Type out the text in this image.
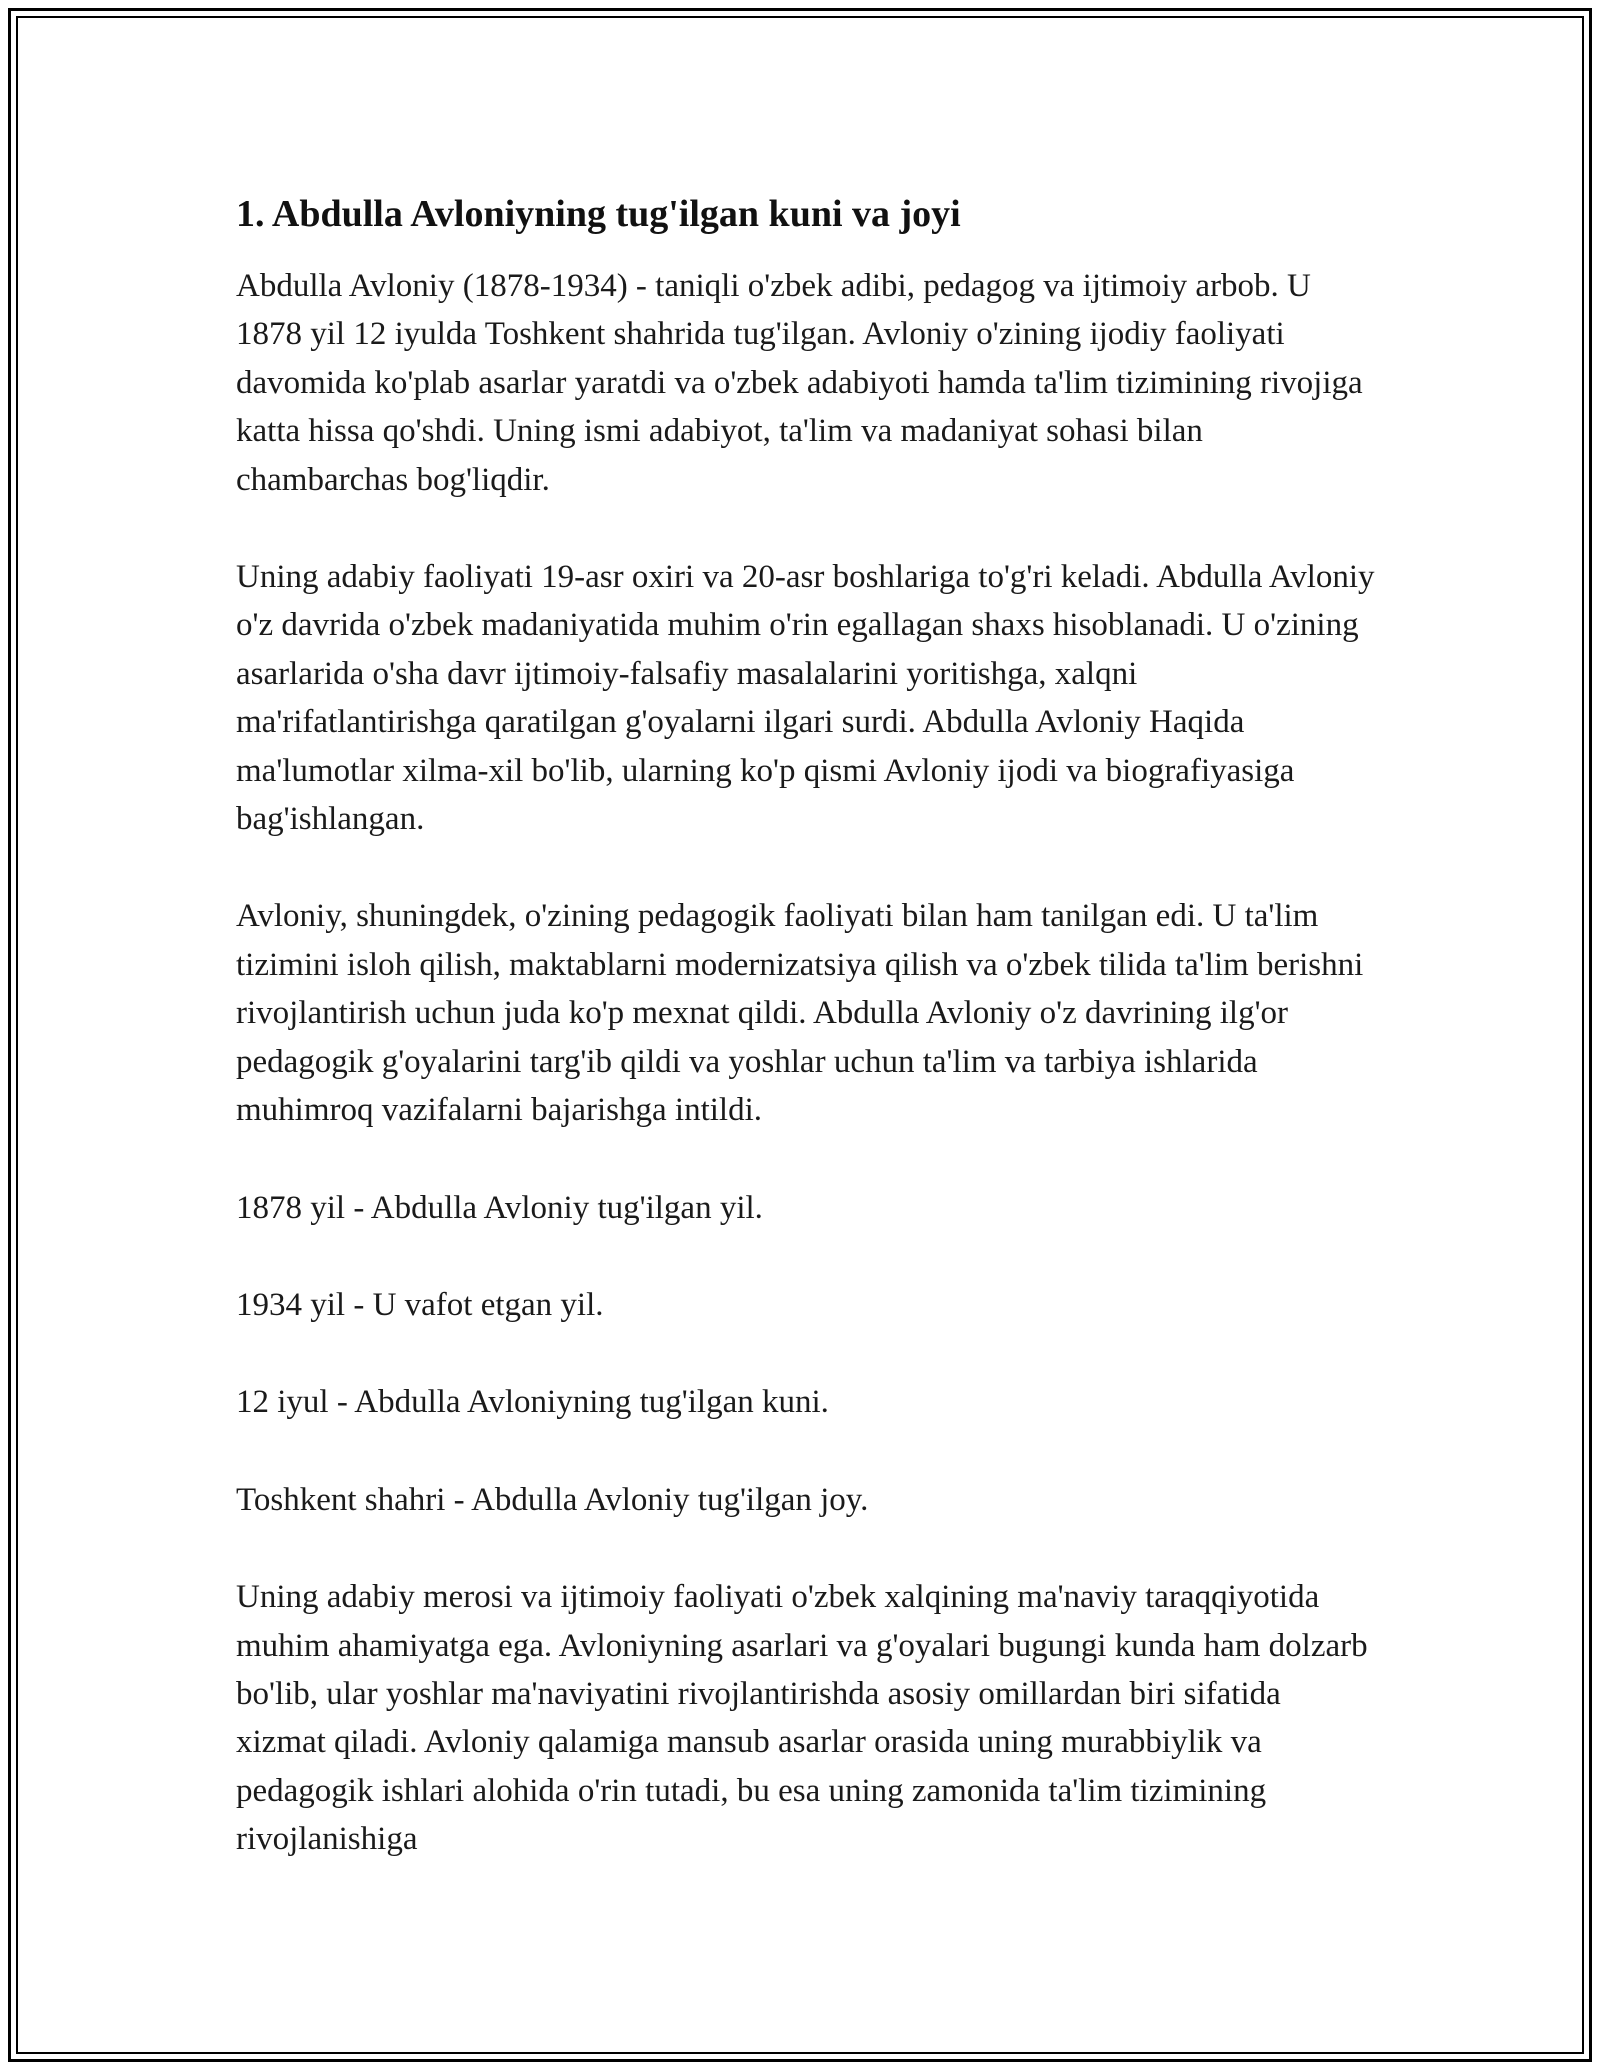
1. Abdulla Avloniyning tug'ilgan kuni va joyi

Abdulla Avloniy (1878-1934) - taniqli o'zbek adibi, pedagog va ijtimoiy arbob. U 1878 yil 12 iyulda Toshkent shahrida tug'ilgan. Avloniy o'zining ijodiy faoliyati davomida ko'plab asarlar yaratdi va o'zbek adabiyoti hamda ta'lim tizimining rivojiga katta hissa qo'shdi. Uning ismi adabiyot, ta'lim va madaniyat sohasi bilan chambarchas bog'liqdir.

Uning adabiy faoliyati 19-asr oxiri va 20-asr boshlariga to'g'ri keladi. Abdulla Avloniy o'z davrida o'zbek madaniyatida muhim o'rin egallagan shaxs hisoblanadi. U o'zining asarlarida o'sha davr ijtimoiy-falsafiy masalalarini yoritishga, xalqni ma'rifatlantirishga qaratilgan g'oyalarni ilgari surdi. Abdulla Avloniy Haqida ma'lumotlar xilma-xil bo'lib, ularning ko'p qismi Avloniy ijodi va biografiyasiga bag'ishlangan.

Avloniy, shuningdek, o'zining pedagogik faoliyati bilan ham tanilgan edi. U ta'lim tizimini isloh qilish, maktablarni modernizatsiya qilish va o'zbek tilida ta'lim berishni rivojlantirish uchun juda ko'p mexnat qildi. Abdulla Avloniy o'z davrining ilg'or pedagogik g'oyalarini targ'ib qildi va yoshlar uchun ta'lim va tarbiya ishlarida muhimroq vazifalarni bajarishga intildi.

1878 yil - Abdulla Avloniy tug'ilgan yil.

1934 yil - U vafot etgan yil.

12 iyul - Abdulla Avloniyning tug'ilgan kuni.

Toshkent shahri - Abdulla Avloniy tug'ilgan joy.

Uning adabiy merosi va ijtimoiy faoliyati o'zbek xalqining ma'naviy taraqqiyotida muhim ahamiyatga ega. Avloniyning asarlari va g'oyalari bugungi kunda ham dolzarb bo'lib, ular yoshlar ma'naviyatini rivojlantirishda asosiy omillardan biri sifatida xizmat qiladi. Avloniy qalamiga mansub asarlar orasida uning murabbiylik va pedagogik ishlari alohida o'rin tutadi, bu esa uning zamonida ta'lim tizimining rivojlanishiga
